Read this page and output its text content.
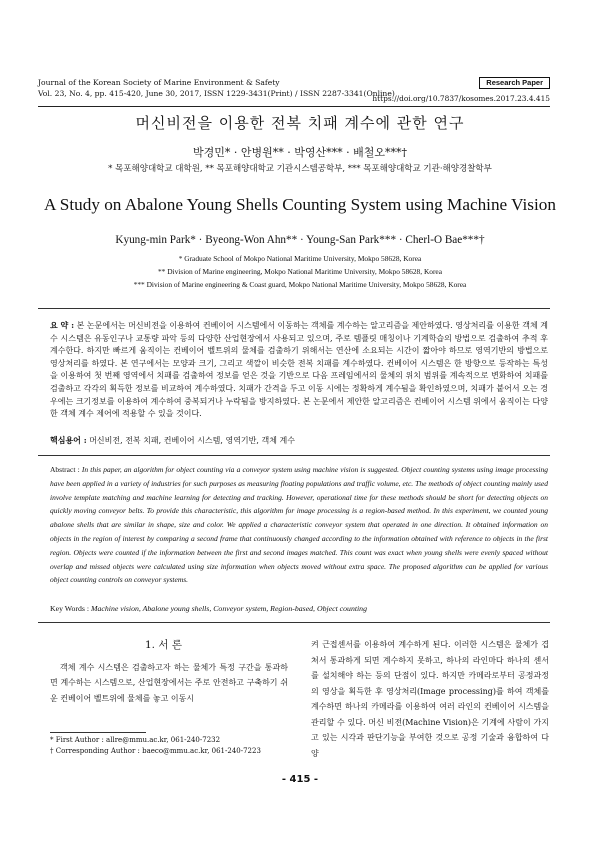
Journal of the Korean Society of Marine Environment & Safety
Vol. 23, No. 4, pp. 415-420, June 30, 2017, ISSN 1229-3431(Print) / ISSN 2287-3341(Online)
Research Paper
https://doi.org/10.7837/kosomes.2017.23.4.415
머신비전을 이용한 전복 치패 계수에 관한 연구
박경민* · 안병원** · 박영산*** · 배철오***†
* 목포해양대학교 대학원, ** 목포해양대학교 기관시스템공학부, *** 목포해양대학교 기관·해양경찰학부
A Study on Abalone Young Shells Counting System using Machine Vision
Kyung-min Park* · Byeong-Won Ahn** · Young-San Park*** · Cherl-O Bae***†
* Graduate School of Mokpo National Maritime University, Mokpo 58628, Korea
** Division of Marine engineering, Mokpo National Maritime University, Mokpo 58628, Korea
*** Division of Marine engineering & Coast guard, Mokpo National Maritime University, Mokpo 58628, Korea
요 약 : 본 논문에서는 머신비전을 이용하여 컨베이어 시스템에서 이동하는 객체를 계수하는 알고리즘을 제안하였다. 영상처리를 이용한 객체 계수 시스템은 유동인구나 교통량 파악 등의 다양한 산업현장에서 사용되고 있으며, 주로 템플릿 매칭이나 기계학습의 방법으로 검출하여 추적 후 계수한다. 하지만 빠르게 움직이는 컨베이어 벨트위의 물체를 검출하기 위해서는 연산에 소요되는 시간이 짧아야 하므로 영역기반의 방법으로 영상처리를 하였다. 본 연구에서는 모양과 크기, 그리고 색깔이 비슷한 전복 치패를 계수하였다. 컨베이어 시스템은 한 방향으로 등작하는 특성을 이용하여 첫 번째 영역에서 치패를 검출하여 정보를 얻은 것을 기반으로 다음 프레임에서의 물체의 위치 범위를 계속적으로 변화하여 치패를 검출하고 각각의 획득한 정보를 비교하여 계수하였다. 치패가 간격을 두고 이동 시에는 정확하게 계수됨을 확인하였으며, 치패가 붙어서 오는 경우에는 크기정보를 이용하여 계수하여 중복되거나 누락됨을 방지하였다. 본 논문에서 제안한 알고리즘은 컨베이어 시스템 위에서 움직이는 다양한 객체 계수 제어에 적용할 수 있을 것이다.
핵심용어 : 머신비전, 전복 치패, 컨베이어 시스템, 영역기반, 객체 계수
Abstract : In this paper, an algorithm for object counting via a conveyor system using machine vision is suggested. Object counting systems using image processing have been applied in a variety of industries for such purposes as measuring floating populations and traffic volume, etc. The methods of object counting mainly used involve template matching and machine learning for detecting and tracking. However, operational time for these methods should be short for detecting objects on quickly moving conveyor belts. To provide this characteristic, this algorithm for image processing is a region-based method. In this experiment, we counted young abalone shells that are similar in shape, size and color. We applied a characteristic conveyor system that operated in one direction. It obtained information on objects in the region of interest by comparing a second frame that continuously changed according to the information obtained with reference to objects in the first region. Objects were counted if the information between the first and second images matched. This count was exact when young shells were evenly spaced without overlap and missed objects were calculated using size information when objects moved without extra space. The proposed algorithm can be applied for various object counting controls on conveyor systems.
Key Words : Machine vision, Abalone young shells, Conveyor system, Region-based, Object counting
1. 서 론
객체 계수 시스템은 검출하고자 하는 물체가 특정 구간을 통과하면 계수하는 시스템으로, 산업현장에서는 주로 안전하고 구축하기 쉬운 컨베이어 벨트위에 물체를 놓고 이동시
켜 근접센서를 이용하여 계수하게 된다. 이러한 시스템은 물체가 겹쳐서 통과하게 되면 계수하지 못하고, 하나의 라인마다 하나의 센서를 설치해야 하는 등의 단점이 있다. 하지만 카메라로부터 공정과정의 영상을 획득한 후 영상처리(Image processing)를 하여 객체를 계수하면 하나의 카메라를 이용하여 여러 라인의 컨베이어 시스템을 관리할 수 있다. 머신 비전(Machine Vision)은 기계에 사람이 가지고 있는 시각과 판단기능을 부여한 것으로 공정 기술과 융합하여 다양
* First Author : allre@mmu.ac.kr, 061-240-7232
† Corresponding Author : baeco@mmu.ac.kr, 061-240-7223
- 415 -
